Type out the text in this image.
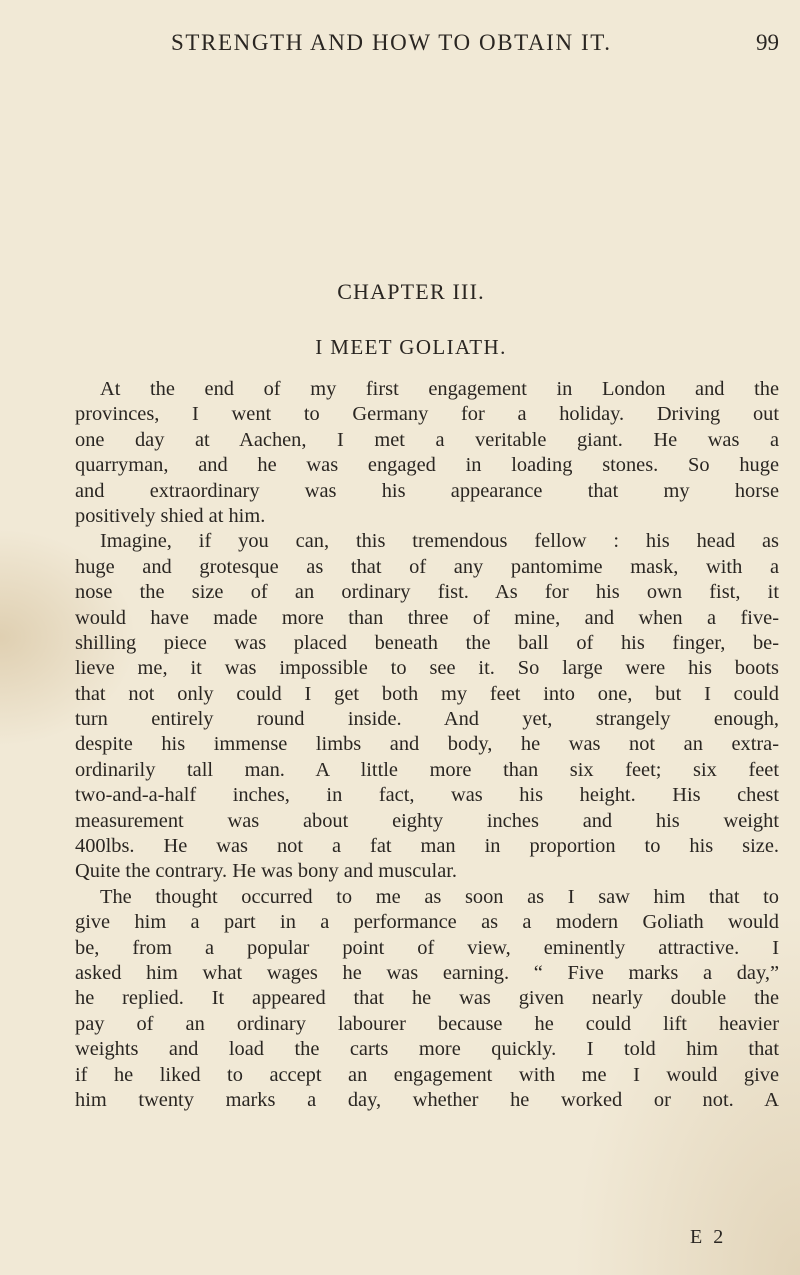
STRENGTH AND HOW TO OBTAIN IT.	99
CHAPTER III.
I MEET GOLIATH.
At the end of my first engagement in London and the
provinces, I went to Germany for a holiday. Driving out
one day at Aachen, I met a veritable giant. He was a
quarryman, and he was engaged in loading stones. So huge
and extraordinary was his appearance that my horse
positively shied at him.
Imagine, if you can, this tremendous fellow : his head as
huge and grotesque as that of any pantomime mask, with a
nose the size of an ordinary fist. As for his own fist, it
would have made more than three of mine, and when a five-
shilling piece was placed beneath the ball of his finger, be-
lieve me, it was impossible to see it. So large were his boots
that not only could I get both my feet into one, but I could
turn entirely round inside. And yet, strangely enough,
despite his immense limbs and body, he was not an extra-
ordinarily tall man. A little more than six feet; six feet
two-and-a-half inches, in fact, was his height. His chest
measurement was about eighty inches and his weight
400lbs. He was not a fat man in proportion to his size.
Quite the contrary. He was bony and muscular.
The thought occurred to me as soon as I saw him that to
give him a part in a performance as a modern Goliath would
be, from a popular point of view, eminently attractive. I
asked him what wages he was earning. “ Five marks a day,”
he replied. It appeared that he was given nearly double the
pay of an ordinary labourer because he could lift heavier
weights and load the carts more quickly. I told him that
if he liked to accept an engagement with me I would give
him twenty marks a day, whether he worked or not. A
E 2
